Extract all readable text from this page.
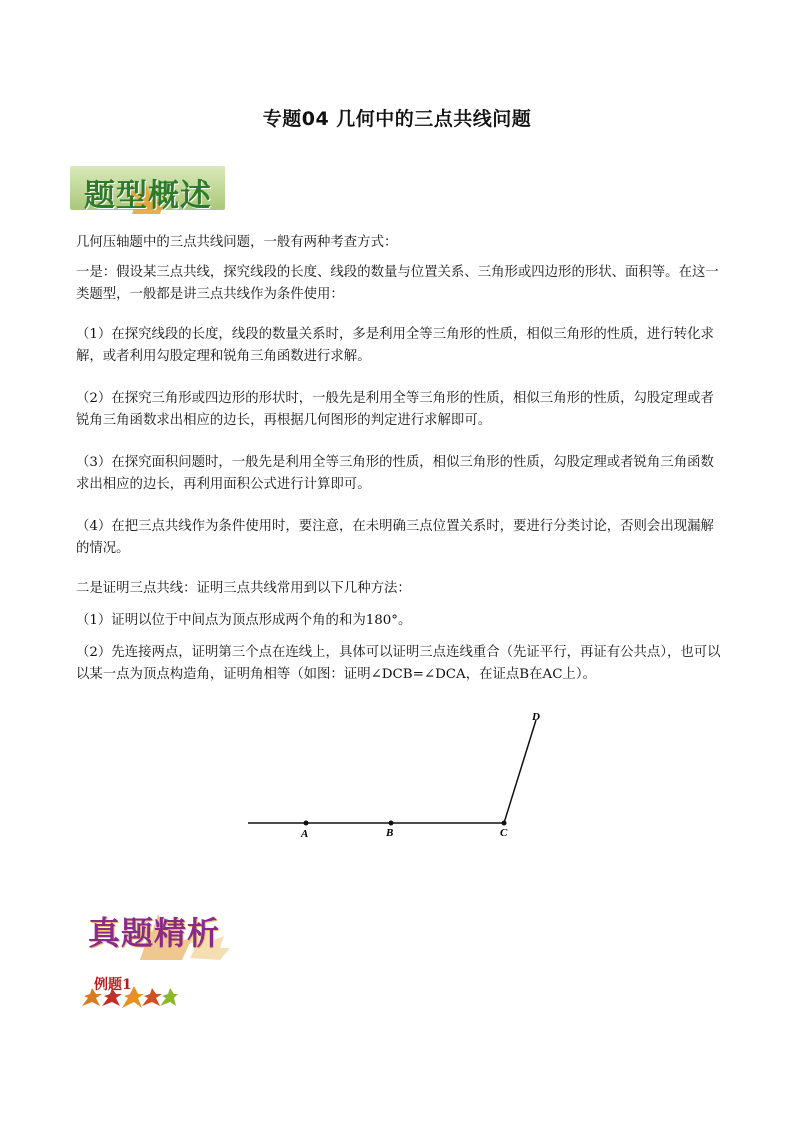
专题04 几何中的三点共线问题
题型概述
几何压轴题中的三点共线问题，一般有两种考查方式：
一是：假设某三点共线，探究线段的长度、线段的数量与位置关系、三角形或四边形的形状、面积等。在这一类题型，一般都是讲三点共线作为条件使用：
（1）在探究线段的长度，线段的数量关系时，多是利用全等三角形的性质，相似三角形的性质，进行转化求解，或者利用勾股定理和锐角三角函数进行求解。
（2）在探究三角形或四边形的形状时，一般先是利用全等三角形的性质，相似三角形的性质，勾股定理或者锐角三角函数求出相应的边长，再根据几何图形的判定进行求解即可。
（3）在探究面积问题时，一般先是利用全等三角形的性质，相似三角形的性质，勾股定理或者锐角三角函数求出相应的边长，再利用面积公式进行计算即可。
（4）在把三点共线作为条件使用时，要注意，在未明确三点位置关系时，要进行分类讨论，否则会出现漏解的情况。
二是证明三点共线：证明三点共线常用到以下几种方法：
（1）证明以位于中间点为顶点形成两个角的和为180°。
（2）先连接两点，证明第三个点在连线上，具体可以证明三点连线重合（先证平行，再证有公共点），也可以以某一点为顶点构造角，证明角相等（如图：证明∠DCB=∠DCA，在证点B在AC上）。
A	B	C
D
真题精析
例题1
